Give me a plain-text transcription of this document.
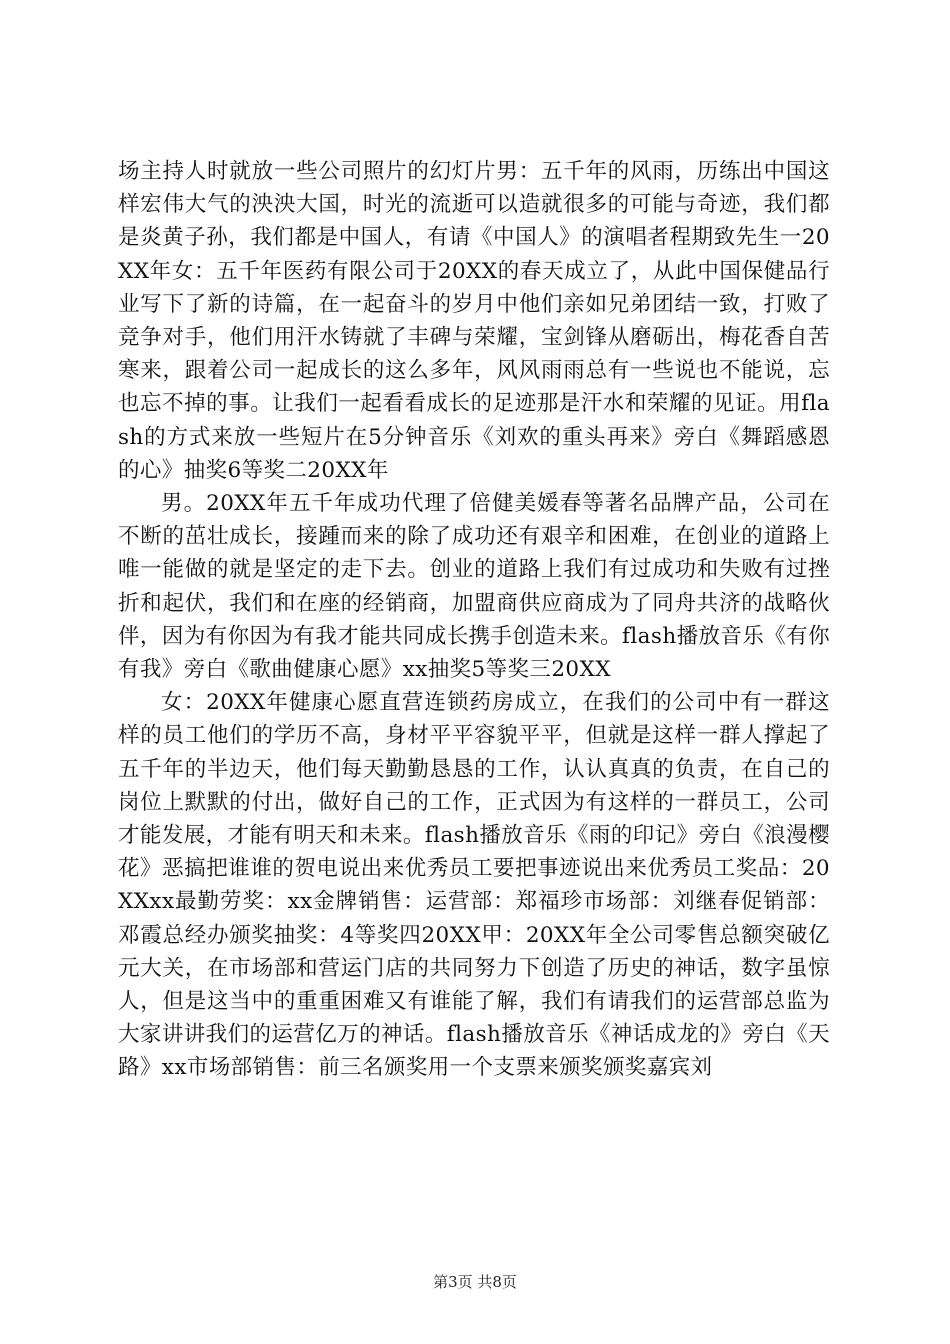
场主持人时就放一些公司照片的幻灯片男：五千年的风雨，历练出中国这样宏伟大气的泱泱大国，时光的流逝可以造就很多的可能与奇迹，我们都是炎黄子孙，我们都是中国人，有请《中国人》的演唱者程期致先生一20XX年女：五千年医药有限公司于20XX的春天成立了，从此中国保健品行业写下了新的诗篇，在一起奋斗的岁月中他们亲如兄弟团结一致，打败了竞争对手，他们用汗水铸就了丰碑与荣耀，宝剑锋从磨砺出，梅花香自苦寒来，跟着公司一起成长的这么多年，风风雨雨总有一些说也不能说，忘也忘不掉的事。让我们一起看看成长的足迹那是汗水和荣耀的见证。用flash的方式来放一些短片在5分钟音乐《刘欢的重头再来》旁白《舞蹈感恩的心》抽奖6等奖二20XX年

男。20XX年五千年成功代理了倍健美媛春等著名品牌产品，公司在不断的茁壮成长，接踵而来的除了成功还有艰辛和困难，在创业的道路上唯一能做的就是坚定的走下去。创业的道路上我们有过成功和失败有过挫折和起伏，我们和在座的经销商，加盟商供应商成为了同舟共济的战略伙伴，因为有你因为有我才能共同成长携手创造未来。flash播放音乐《有你有我》旁白《歌曲健康心愿》xx抽奖5等奖三20XX

女：20XX年健康心愿直营连锁药房成立，在我们的公司中有一群这样的员工他们的学历不高，身材平平容貌平平，但就是这样一群人撑起了五千年的半边天，他们每天勤勤恳恳的工作，认认真真的负责，在自己的岗位上默默的付出，做好自己的工作，正式因为有这样的一群员工，公司才能发展，才能有明天和未来。flash播放音乐《雨的印记》旁白《浪漫樱花》恶搞把谁谁的贺电说出来优秀员工要把事迹说出来优秀员工奖品：20XXxx最勤劳奖：xx金牌销售：运营部：郑福珍市场部：刘继春促销部：邓霞总经办颁奖抽奖：4等奖四20XX甲：20XX年全公司零售总额突破亿元大关，在市场部和营运门店的共同努力下创造了历史的神话，数字虽惊人，但是这当中的重重困难又有谁能了解，我们有请我们的运营部总监为大家讲讲我们的运营亿万的神话。flash播放音乐《神话成龙的》旁白《天路》xx市场部销售：前三名颁奖用一个支票来颁奖颁奖嘉宾刘

第3页 共8页
